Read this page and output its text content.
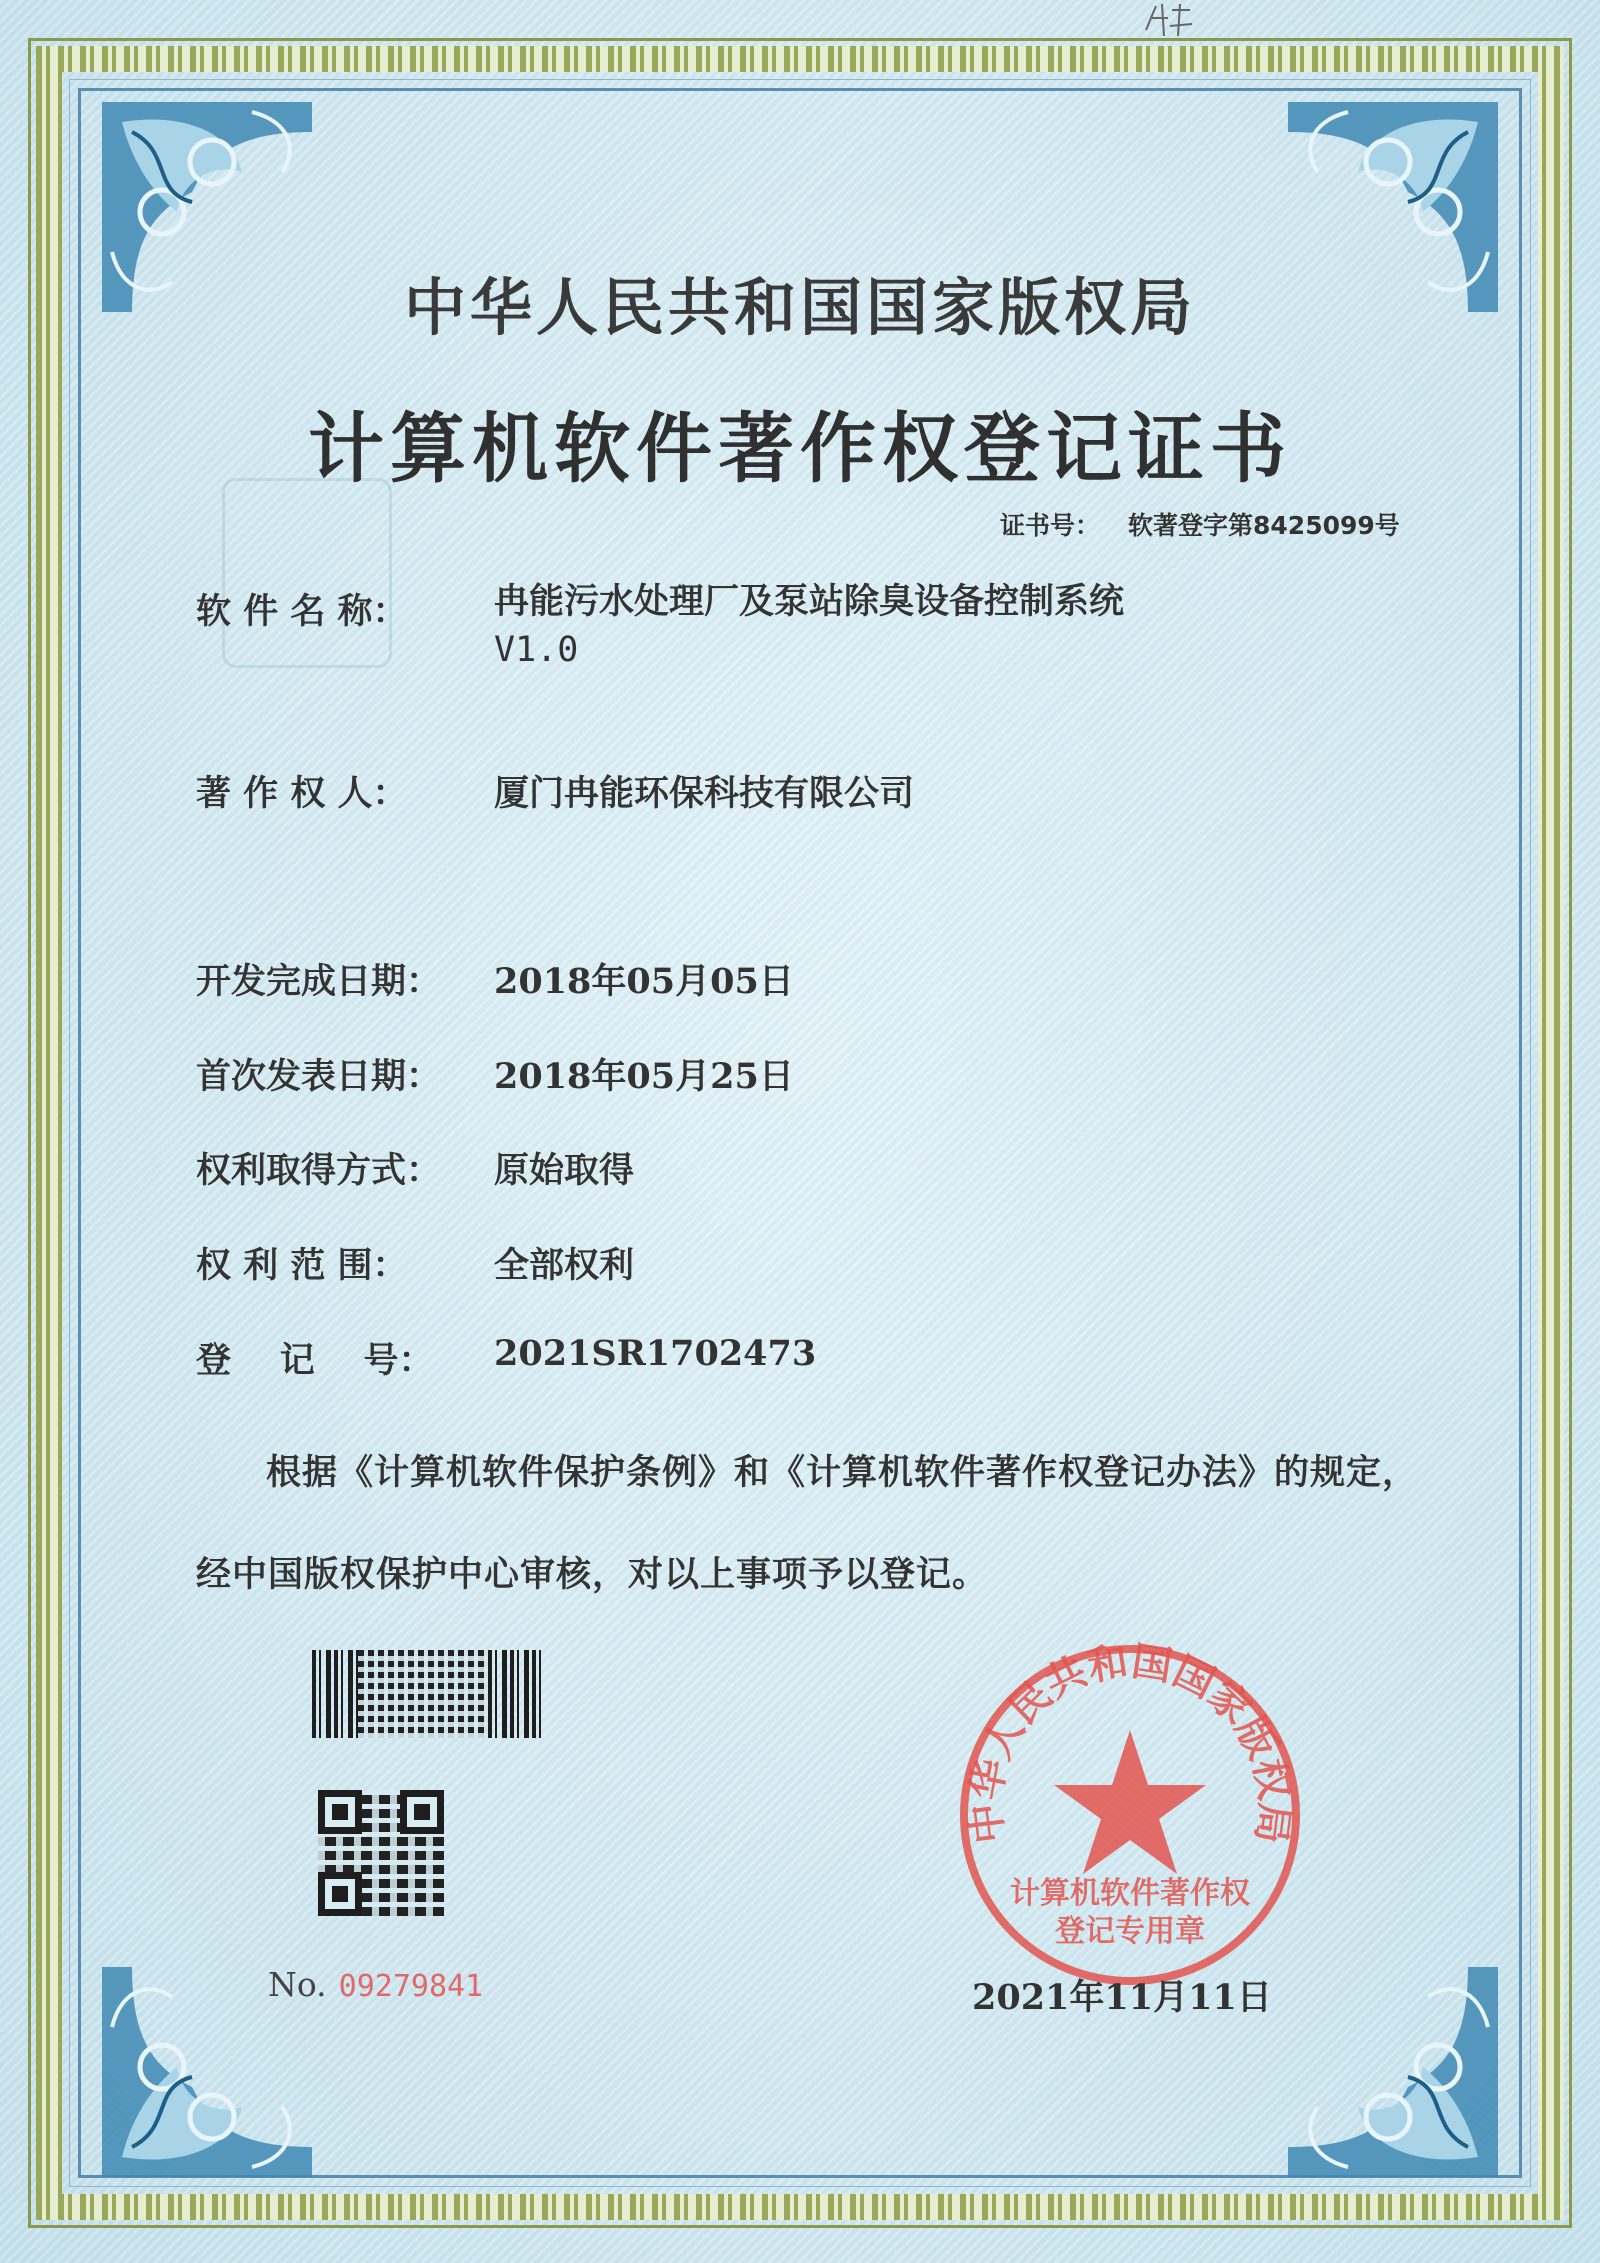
中华人民共和国国家版权局
计算机软件著作权登记证书
证书号： 软著登字第8425099号
软 件 名 称： 冉能污水处理厂及泵站除臭设备控制系统
V1.0
著 作 权 人： 厦门冉能环保科技有限公司
开发完成日期： 2018年05月05日
首次发表日期： 2018年05月25日
权利取得方式： 原始取得
权 利 范 围： 全部权利
登    记    号： 2021SR1702473
根据《计算机软件保护条例》和《计算机软件著作权登记办法》的规定，经中国版权保护中心审核，对以上事项予以登记。
No. 09279841
中华人民共和国国家版权局
计算机软件著作权
登记专用章
2021年11月11日
